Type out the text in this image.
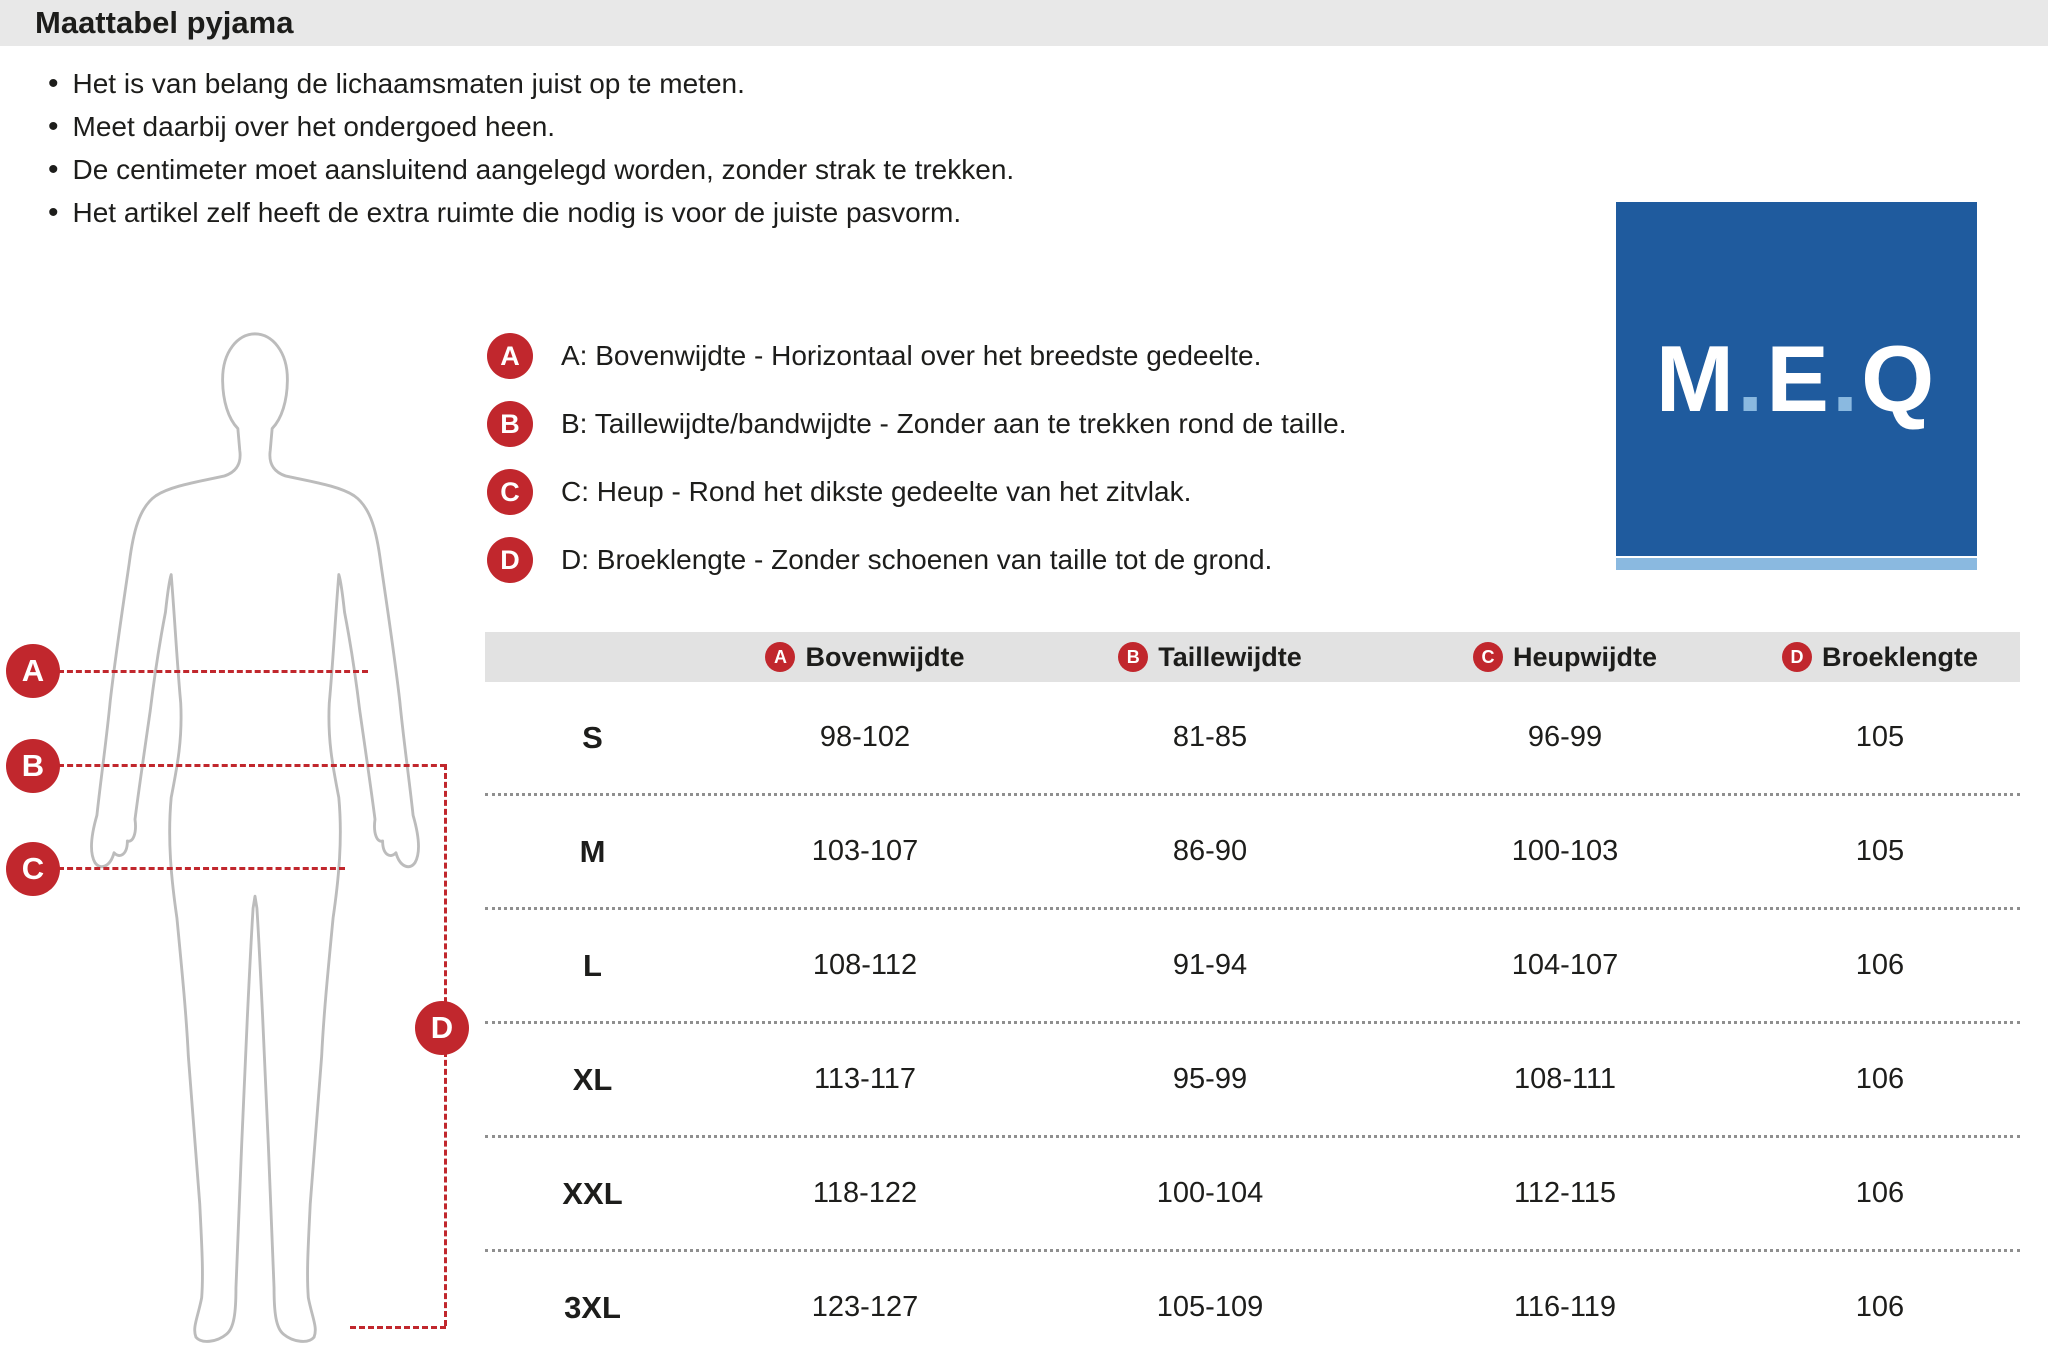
Maattabel pyjama
• Het is van belang de lichaamsmaten juist op te meten.
• Meet daarbij over het ondergoed heen.
• De centimeter moet aansluitend aangelegd worden, zonder strak te trekken.
• Het artikel zelf heeft de extra ruimte die nodig is voor de juiste pasvorm.
A
B
C
D
A	A: Bovenwijdte - Horizontaal over het breedste gedeelte.
B	B: Taillewijdte/bandwijdte - Zonder aan te trekken rond de taille.
C	C: Heup - Rond het dikste gedeelte van het zitvlak.
D	D: Broeklengte - Zonder schoenen van taille tot de grond.
M.E.Q
A Bovenwijdte	B Taillewijdte	C Heupwijdte	D Broeklengte
S	98-102	81-85	96-99	105
M	103-107	86-90	100-103	105
L	108-112	91-94	104-107	106
XL	113-117	95-99	108-111	106
XXL	118-122	100-104	112-115	106
3XL	123-127	105-109	116-119	106
